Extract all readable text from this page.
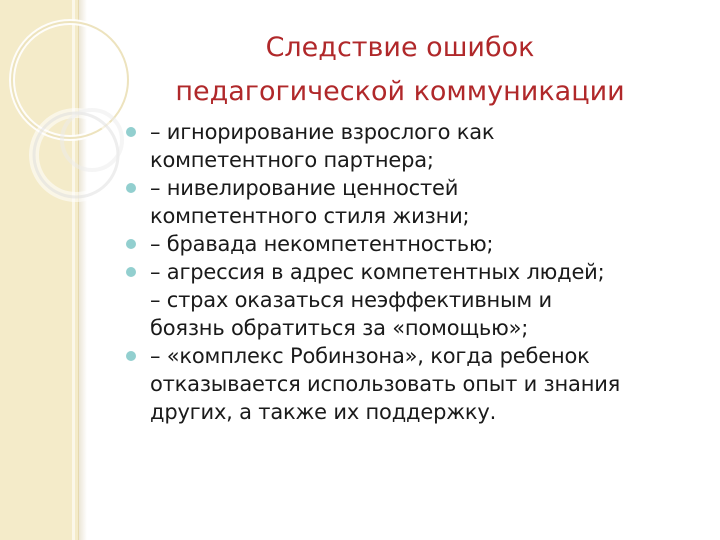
Следствие ошибок
педагогической коммуникации
– игнорирование взрослого как
компетентного партнера;
– нивелирование ценностей
компетентного стиля жизни;
– бравада некомпетентностью;
– агрессия в адрес компетентных людей;
– страх оказаться неэффективным и
боязнь обратиться за «помощью»;
– «комплекс Робинзона», когда ребенок
отказывается использовать опыт и знания
других, а также их поддержку.
